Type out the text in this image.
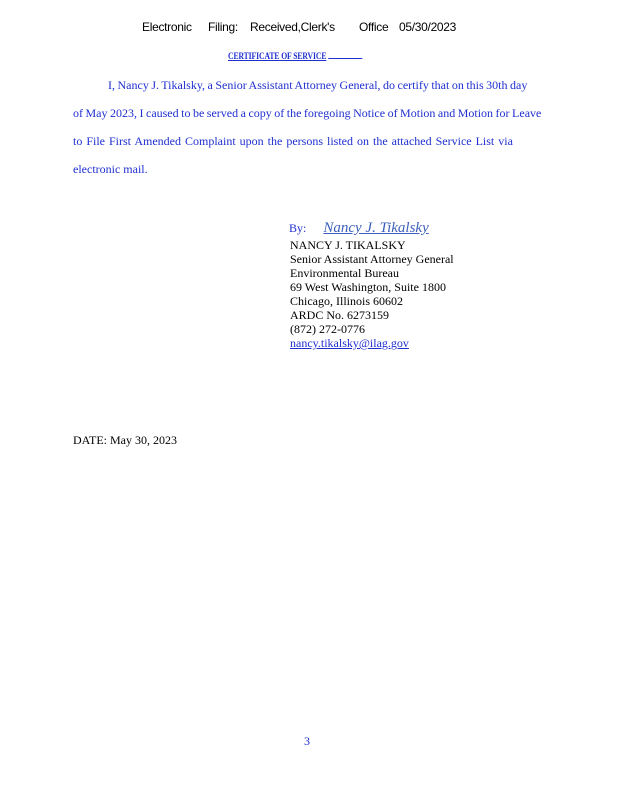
Electronic Filing: Received,Clerk's Office 05/30/2023
CERTIFICATE OF SERVICE
I, Nancy J. Tikalsky, a Senior Assistant Attorney General, do certify that on this 30th day
of May 2023, I caused to be served a copy of the foregoing Notice of Motion and Motion for Leave
to File First Amended Complaint upon the persons listed on the attached Service List via
electronic mail.
By: Nancy J. Tikalsky
NANCY J. TIKALSKY
Senior Assistant Attorney General
Environmental Bureau
69 West Washington, Suite 1800
Chicago, Illinois 60602
ARDC No. 6273159
(872) 272-0776
nancy.tikalsky@ilag.gov
DATE: May 30, 2023
3
